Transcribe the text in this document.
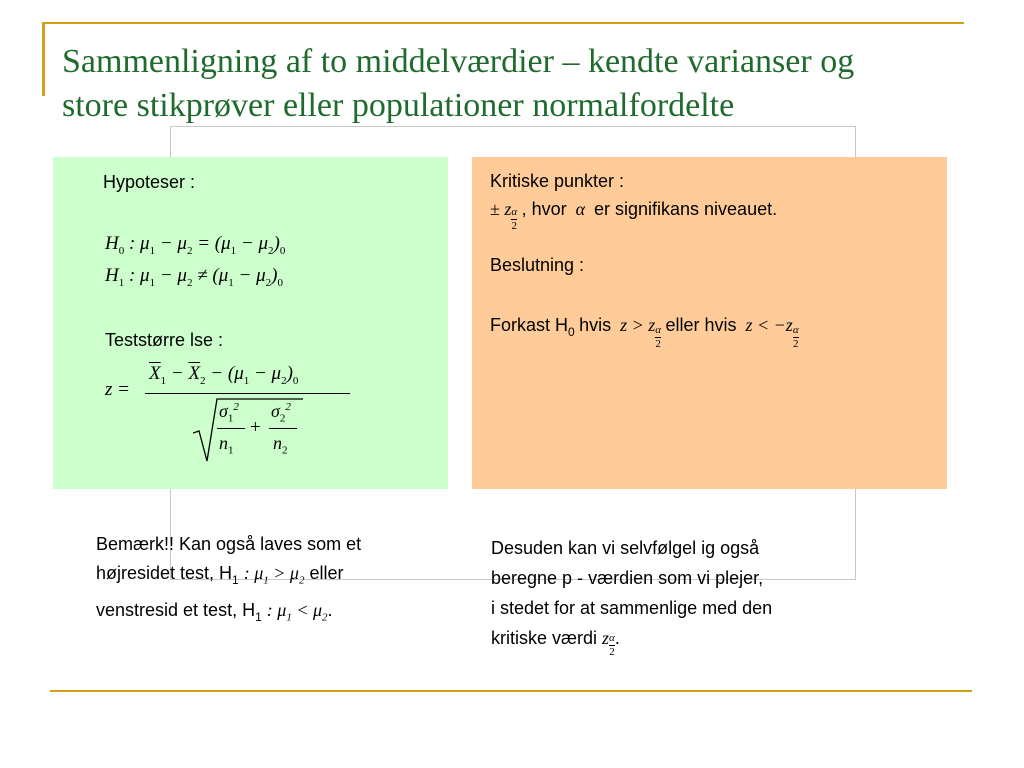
Sammenligning af to middelværdier – kendte varianser og
store stikprøver eller populationer normalfordelte
Hypoteser :
$H_0$ : $\mu_1 - \mu_2 = (\mu_1 - \mu_2)_0$
$H_1$ : $\mu_1 - \mu_2 \ne (\mu_1 - \mu_2)_0$
Teststørre lse :
z =
$\overline{X}_1 - \overline{X}_2 - (\mu_1 - \mu_2)_0$
$\sigma_1^2$
$n_1$
+
$\sigma_2^2$
$n_2$
Kritiske punkter :
± z $\frac{\alpha}{2}$ , hvor  α  er signifikans niveauet.
Beslutning :
Forkast $H_0$ hvis  z > z $\frac{\alpha}{2}$ eller hvis  $z < -z \frac{\alpha}{2}$
Bemærk!! Kan også laves som et
højresidet test, $H_1$ : $\mu_1 > \mu_2$ eller
venstresid et test, $H_1$ : $\mu_1 < \mu_2$.
Desuden kan vi selvfølgel ig også
beregne p - værdien som vi plejer,
i stedet for at sammenlige med den
kritiske værdi z $\frac{\alpha}{2}$ .
